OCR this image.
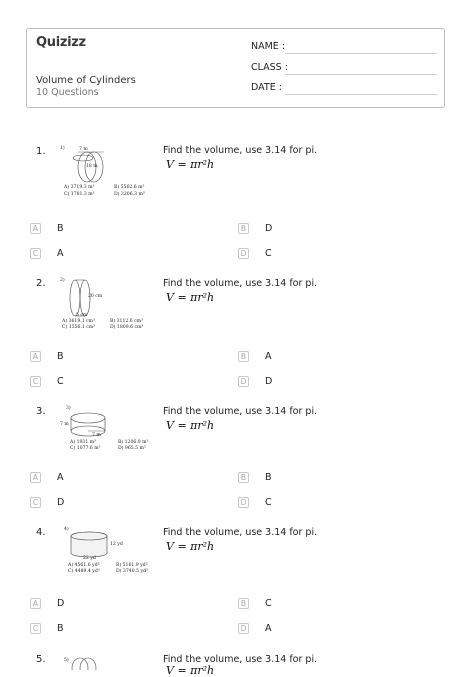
Quizizz
Volume of Cylinders
10 Questions
NAME :
CLASS :
DATE :
1.	1)	7 m
18 m
A) 3719.3 m³	B) 5562.6 m³
C) 1781.3 m³	D) 3206.3 m³
Find the volume, use 3.14 for pi.
V = πr²h
A	B	B	D
C	A	D C
2.	2)
20 cm
5 cm
A) 3619.1 cm³	B) 3112.6 cm³
C) 1556.1 cm³	D) 1809.6 cm³
Find the volume, use 3.14 for pi.
V = πr²h
A	B	B	A
C	C	D D
3.	3)
7 m
7 m
A) 1931 m³	B) 1206.9 m³
C) 1077.6 m³	D) 965.5 m³
Find the volume, use 3.14 for pi.
V = πr²h
A	A	B	B
C	D	D C
4.	4)
12 yd
22 yd
A) 4561.6 yd³	B) 5161.9 yd³
C) 4489.4 yd³	D) 3740.5 yd³
Find the volume, use 3.14 for pi.
V = πr²h
A	D	B	C
C	B	D A
5.	5)	Find the volume, use 3.14 for pi.
V = πr²h
